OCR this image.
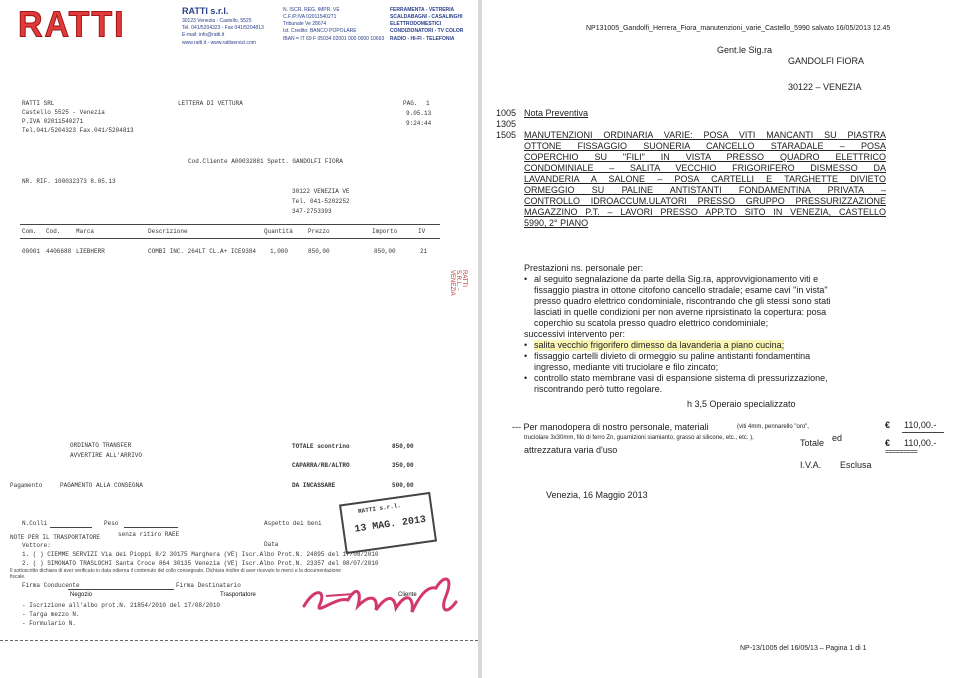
RATTI	RATTI s.r.l.
30123 Venezia - Castello, 5525
Tel. 041/5204323 - Fax 041/5204813
E-mail: info@ratti.it
www.ratti.it - www.rattiservizi.com
N. ISCR. REG. IMPR. VE
C.F./P.IVA 02011540271
Tribunale Ve 28674
Ist. Credito: BANCO POPOLARE
IBAN = IT 69 F 05034 02001 000 0000 10693
FERRAMENTA - VETRERIA
SCALDABAGNI - CASALINGHI
ELETTRODOMESTICI
CONDIZIONATORI - TV COLOR
RADIO - HI-FI - TELEFONIA
RATTI SRL
Castello 5525 - Venezia
P.IVA 02011540271
Tel.041/5204323 Fax.041/5204813
LETTERA DI VETTURA	PAG. 1
9.05.13
9:24:44
Cod.Cliente A00032881 Spett. GANDOLFI FIORA
NR. RIF. 100032373 8.05.13
30122 VENEZIA VE
Tel. 041-5202252
347-2753393
Com. Cod.	Marca	Descrizione	Quantità	Prezzo	Importo	IV
00001 4406688 LIEBHERR	COMBI INC. 264LT CL.A+ ICE9384 1,000	850,00	850,00	21
RATTI S.R.L. - VENEZIA
ORDINATO TRANSFER
AVVERTIRE ALL'ARRIVO
TOTALE scontrino	850,00
CAPARRA/RB/ALTRO	350,00
DA INCASSARE	500,00
Pagamento	PAGAMENTO ALLA CONSEGNA
RATTI s.r.l.
13 MAG. 2013
N.Colli	Peso
senza ritiro RAEE
Aspetto dei beni
Data
NOTE PER IL TRASPORTATORE
Vettore:
1. ( ) CIEMME SERVIZI Via dei Pioppi 8/2 30175 Marghera (VE) Iscr.Albo Prot.N. 24895 del 17/08/2010
2. ( ) SIMONATO TRASLOCHI Santa Croce 864 30135 Venezia (VE) Iscr.Albo Prot.N. 23357 del 08/07/2010
Il sottoscritto dichiara di aver verificato in data odierna il contenuto del collo consegnato. Dichiara inoltre di aver ricevuto le merci e la documentazione fiscale.
Firma Conducente	Firma Destinatario
Negozio	Trasportatore	Cliente
- Iscrizione all'albo prot.N. 21854/2010 del 17/08/2010
- Targa mezzo N.
- Formulario N.
NP131005_Gandolfi_Herrera_Fiora_manutenzioni_varie_Castello_5990 salvato 16/05/2013 12.45
Gent.le Sig.ra
GANDOLFI FIORA
30122 – VENEZIA
1005
1305
1505
Nota Preventiva
MANUTENZIONI ORDINARIA VARIE: POSA VITI MANCANTI SU PIASTRA
OTTONE FISSAGGIO SUONERIA CANCELLO STARADALE – POSA
COPERCHIO SU "FILI" IN VISTA PRESSO QUADRO ELETTRICO
CONDOMINIALE – SALITA VECCHIO FRIGORIFERO DISMESSO DA
LAVANDERIA A SALONE – POSA CARTELLI E TARGHETTE DIVIETO
ORMEGGIO SU PALINE ANTISTANTI FONDAMENTINA PRIVATA –
CONTROLLO IDROACCUM.ULATORI PRESSO GRUPPO PRESSURIZZAZIONE
MAGAZZINO P.T. – LAVORI PRESSO APP.TO SITO IN VENEZIA, CASTELLO
5990, 2° PIANO
Prestazioni ns. personale per:
• al seguito segnalazione da parte della Sig.ra, approvvigionamento viti e
fissaggio piastra in ottone citofono cancello stradale; esame cavi "in vista"
presso quadro elettrico condominiale, riscontrando che gli stessi sono stati
lasciati in quelle condizioni per non averne riprsistinato la copertura: posa
coperchio su scatola presso quadro elettrico condominiale;
successivi intervento per:
• salita vecchio frigorifero dimesso da lavanderia a piano cucina;
• fissaggio cartelli divieto di ormeggio su paline antistanti fondamentina
ingresso, mediante viti truciolare e filo zincato;
• controllo stato membrane vasi di espansione sistema di pressurizzazione,
riscontrando però tutto regolare.
h 3,5 Operaio specializzato
--- Per manodopera di nostro personale, materiali	(viti 4mm, pennarello "oro",
truciolare 3x30mm, filo di ferro Zn, guarnizioni siamianto, grasso al silicone, etc., etc. ),	ed
attrezzatura varia d'uso
€ 110,00.-
Totale	€ 110,00.-
=========
I.V.A. Esclusa
Venezia, 16 Maggio 2013
NP-13/1005 del 16/05/13 – Pagina 1 di 1
